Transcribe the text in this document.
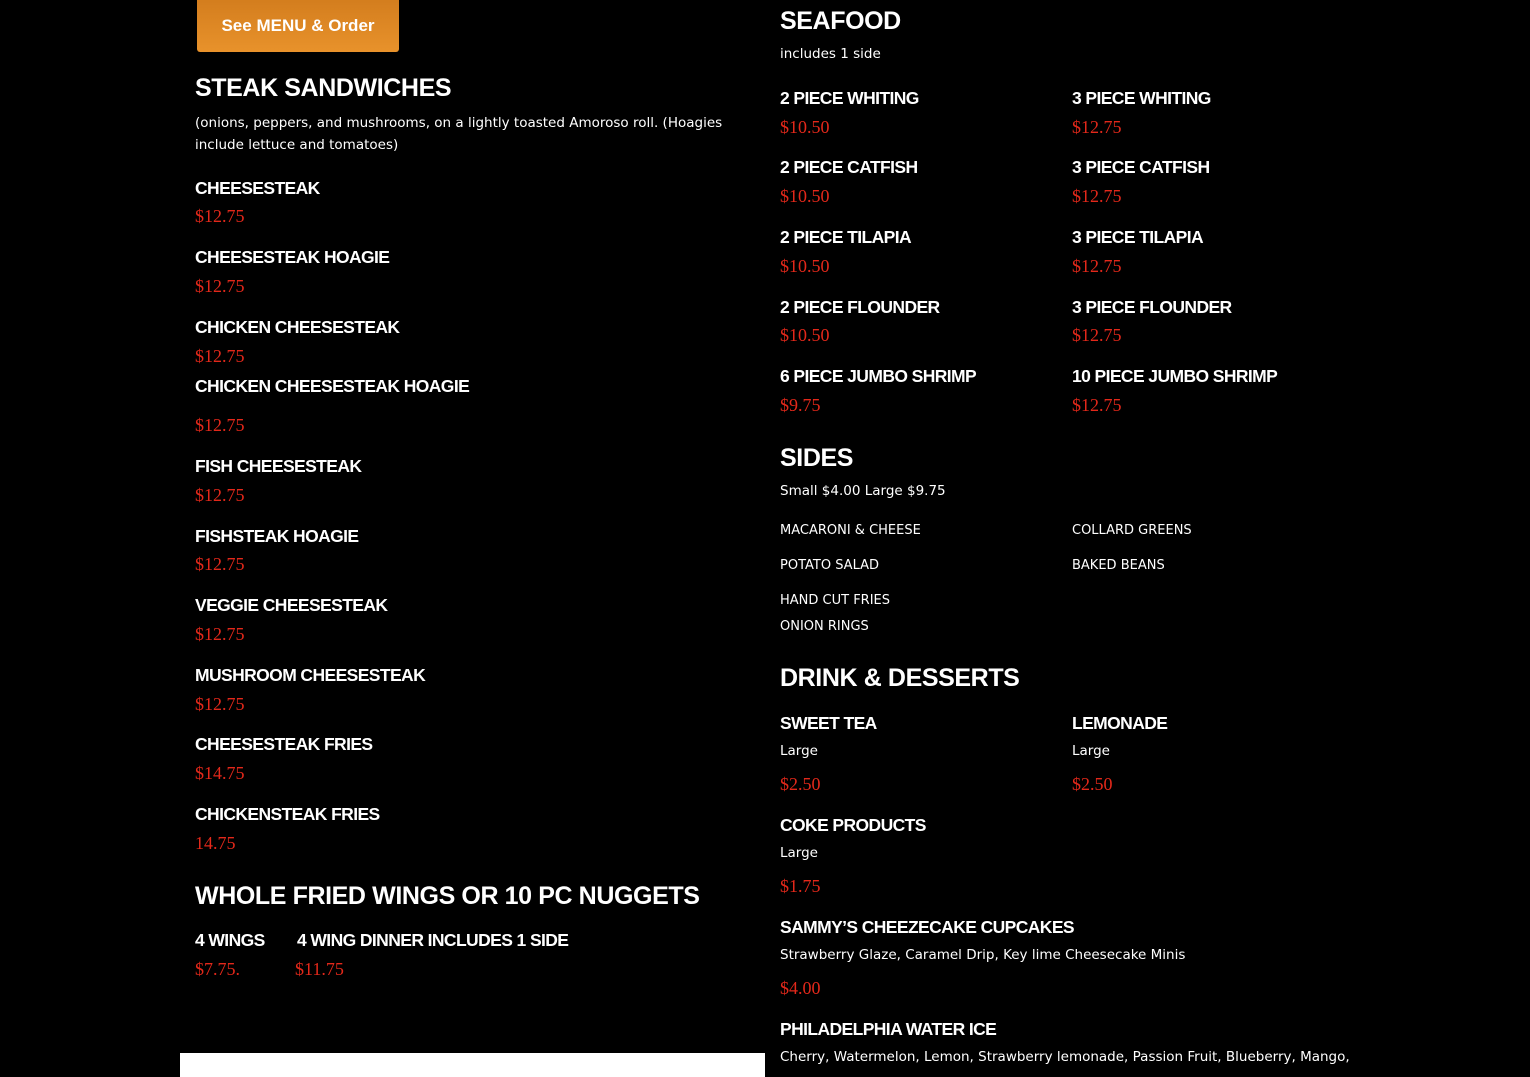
See MENU & Order
STEAK SANDWICHES
(onions, peppers, and mushrooms, on a lightly toasted Amoroso roll. (Hoagies include lettuce and tomatoes)
CHEESESTEAK
$12.75
CHEESESTEAK HOAGIE
$12.75
CHICKEN CHEESESTEAK
$12.75
CHICKEN CHEESESTEAK HOAGIE
$12.75
FISH CHEESESTEAK
$12.75
FISHSTEAK HOAGIE
$12.75
VEGGIE CHEESESTEAK
$12.75
MUSHROOM CHEESESTEAK
$12.75
CHEESESTEAK FRIES
$14.75
CHICKENSTEAK FRIES
14.75
WHOLE FRIED WINGS OR 10 PC NUGGETS
4 WINGS
$7.75.
4 WING DINNER INCLUDES 1 SIDE
$11.75
SEAFOOD
includes 1 side
2 PIECE WHITING
$10.50
3 PIECE WHITING
$12.75
2 PIECE CATFISH
$10.50
3 PIECE CATFISH
$12.75
2 PIECE TILAPIA
$10.50
3 PIECE TILAPIA
$12.75
2 PIECE FLOUNDER
$10.50
3 PIECE FLOUNDER
$12.75
6 PIECE JUMBO SHRIMP
$9.75
10 PIECE JUMBO SHRIMP
$12.75
SIDES
Small $4.00 Large $9.75
MACARONI & CHEESE	COLLARD GREENS
POTATO SALAD	BAKED BEANS
HAND CUT FRIES
ONION RINGS
DRINK & DESSERTS
SWEET TEA
Large
$2.50
LEMONADE
Large
$2.50
COKE PRODUCTS
Large
$1.75
SAMMY’S CHEEZECAKE CUPCAKES
Strawberry Glaze, Caramel Drip, Key lime Cheesecake Minis
$4.00
PHILADELPHIA WATER ICE
Cherry, Watermelon, Lemon, Strawberry lemonade, Passion Fruit, Blueberry, Mango,
